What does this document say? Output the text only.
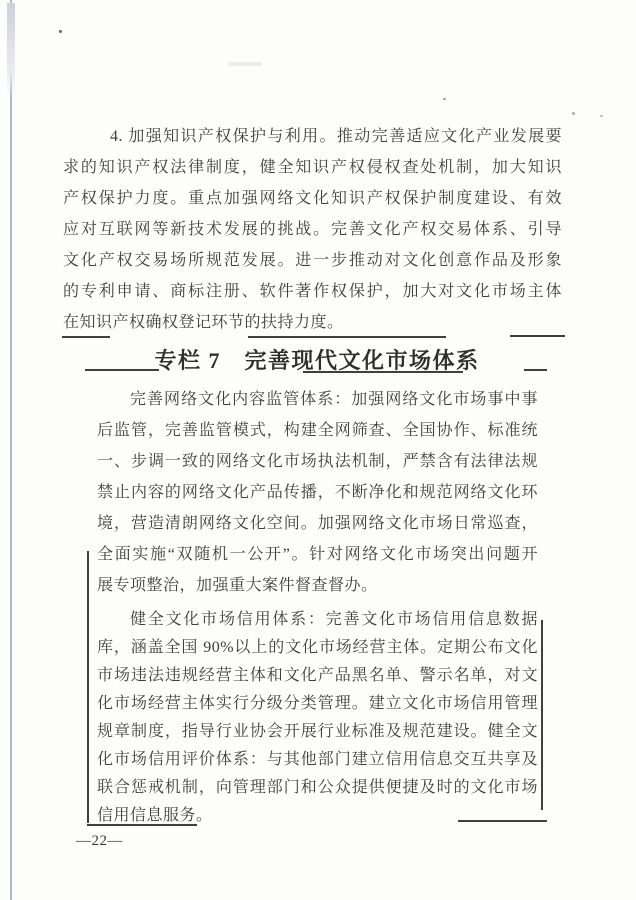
4. 加强知识产权保护与利用。推动完善适应文化产业发展要
求的知识产权法律制度，健全知识产权侵权查处机制，加大知识
产权保护力度。重点加强网络文化知识产权保护制度建设、有效
应对互联网等新技术发展的挑战。完善文化产权交易体系、引导
文化产权交易场所规范发展。进一步推动对文化创意作品及形象
的专利申请、商标注册、软件著作权保护，加大对文化市场主体
在知识产权确权登记环节的扶持力度。
专栏 7　完善现代文化市场体系
完善网络文化内容监管体系：加强网络文化市场事中事
后监管，完善监管模式，构建全网筛查、全国协作、标准统
一、步调一致的网络文化市场执法机制，严禁含有法律法规
禁止内容的网络文化产品传播，不断净化和规范网络文化环
境，营造清朗网络文化空间。加强网络文化市场日常巡查，
全面实施“双随机一公开”。针对网络文化市场突出问题开
展专项整治，加强重大案件督查督办。
健全文化市场信用体系：完善文化市场信用信息数据
库，涵盖全国 90%以上的文化市场经营主体。定期公布文化
市场违法违规经营主体和文化产品黑名单、警示名单，对文
化市场经营主体实行分级分类管理。建立文化市场信用管理
规章制度，指导行业协会开展行业标准及规范建设。健全文
化市场信用评价体系：与其他部门建立信用信息交互共享及
联合惩戒机制，向管理部门和公众提供便捷及时的文化市场
信用信息服务。
—22—
